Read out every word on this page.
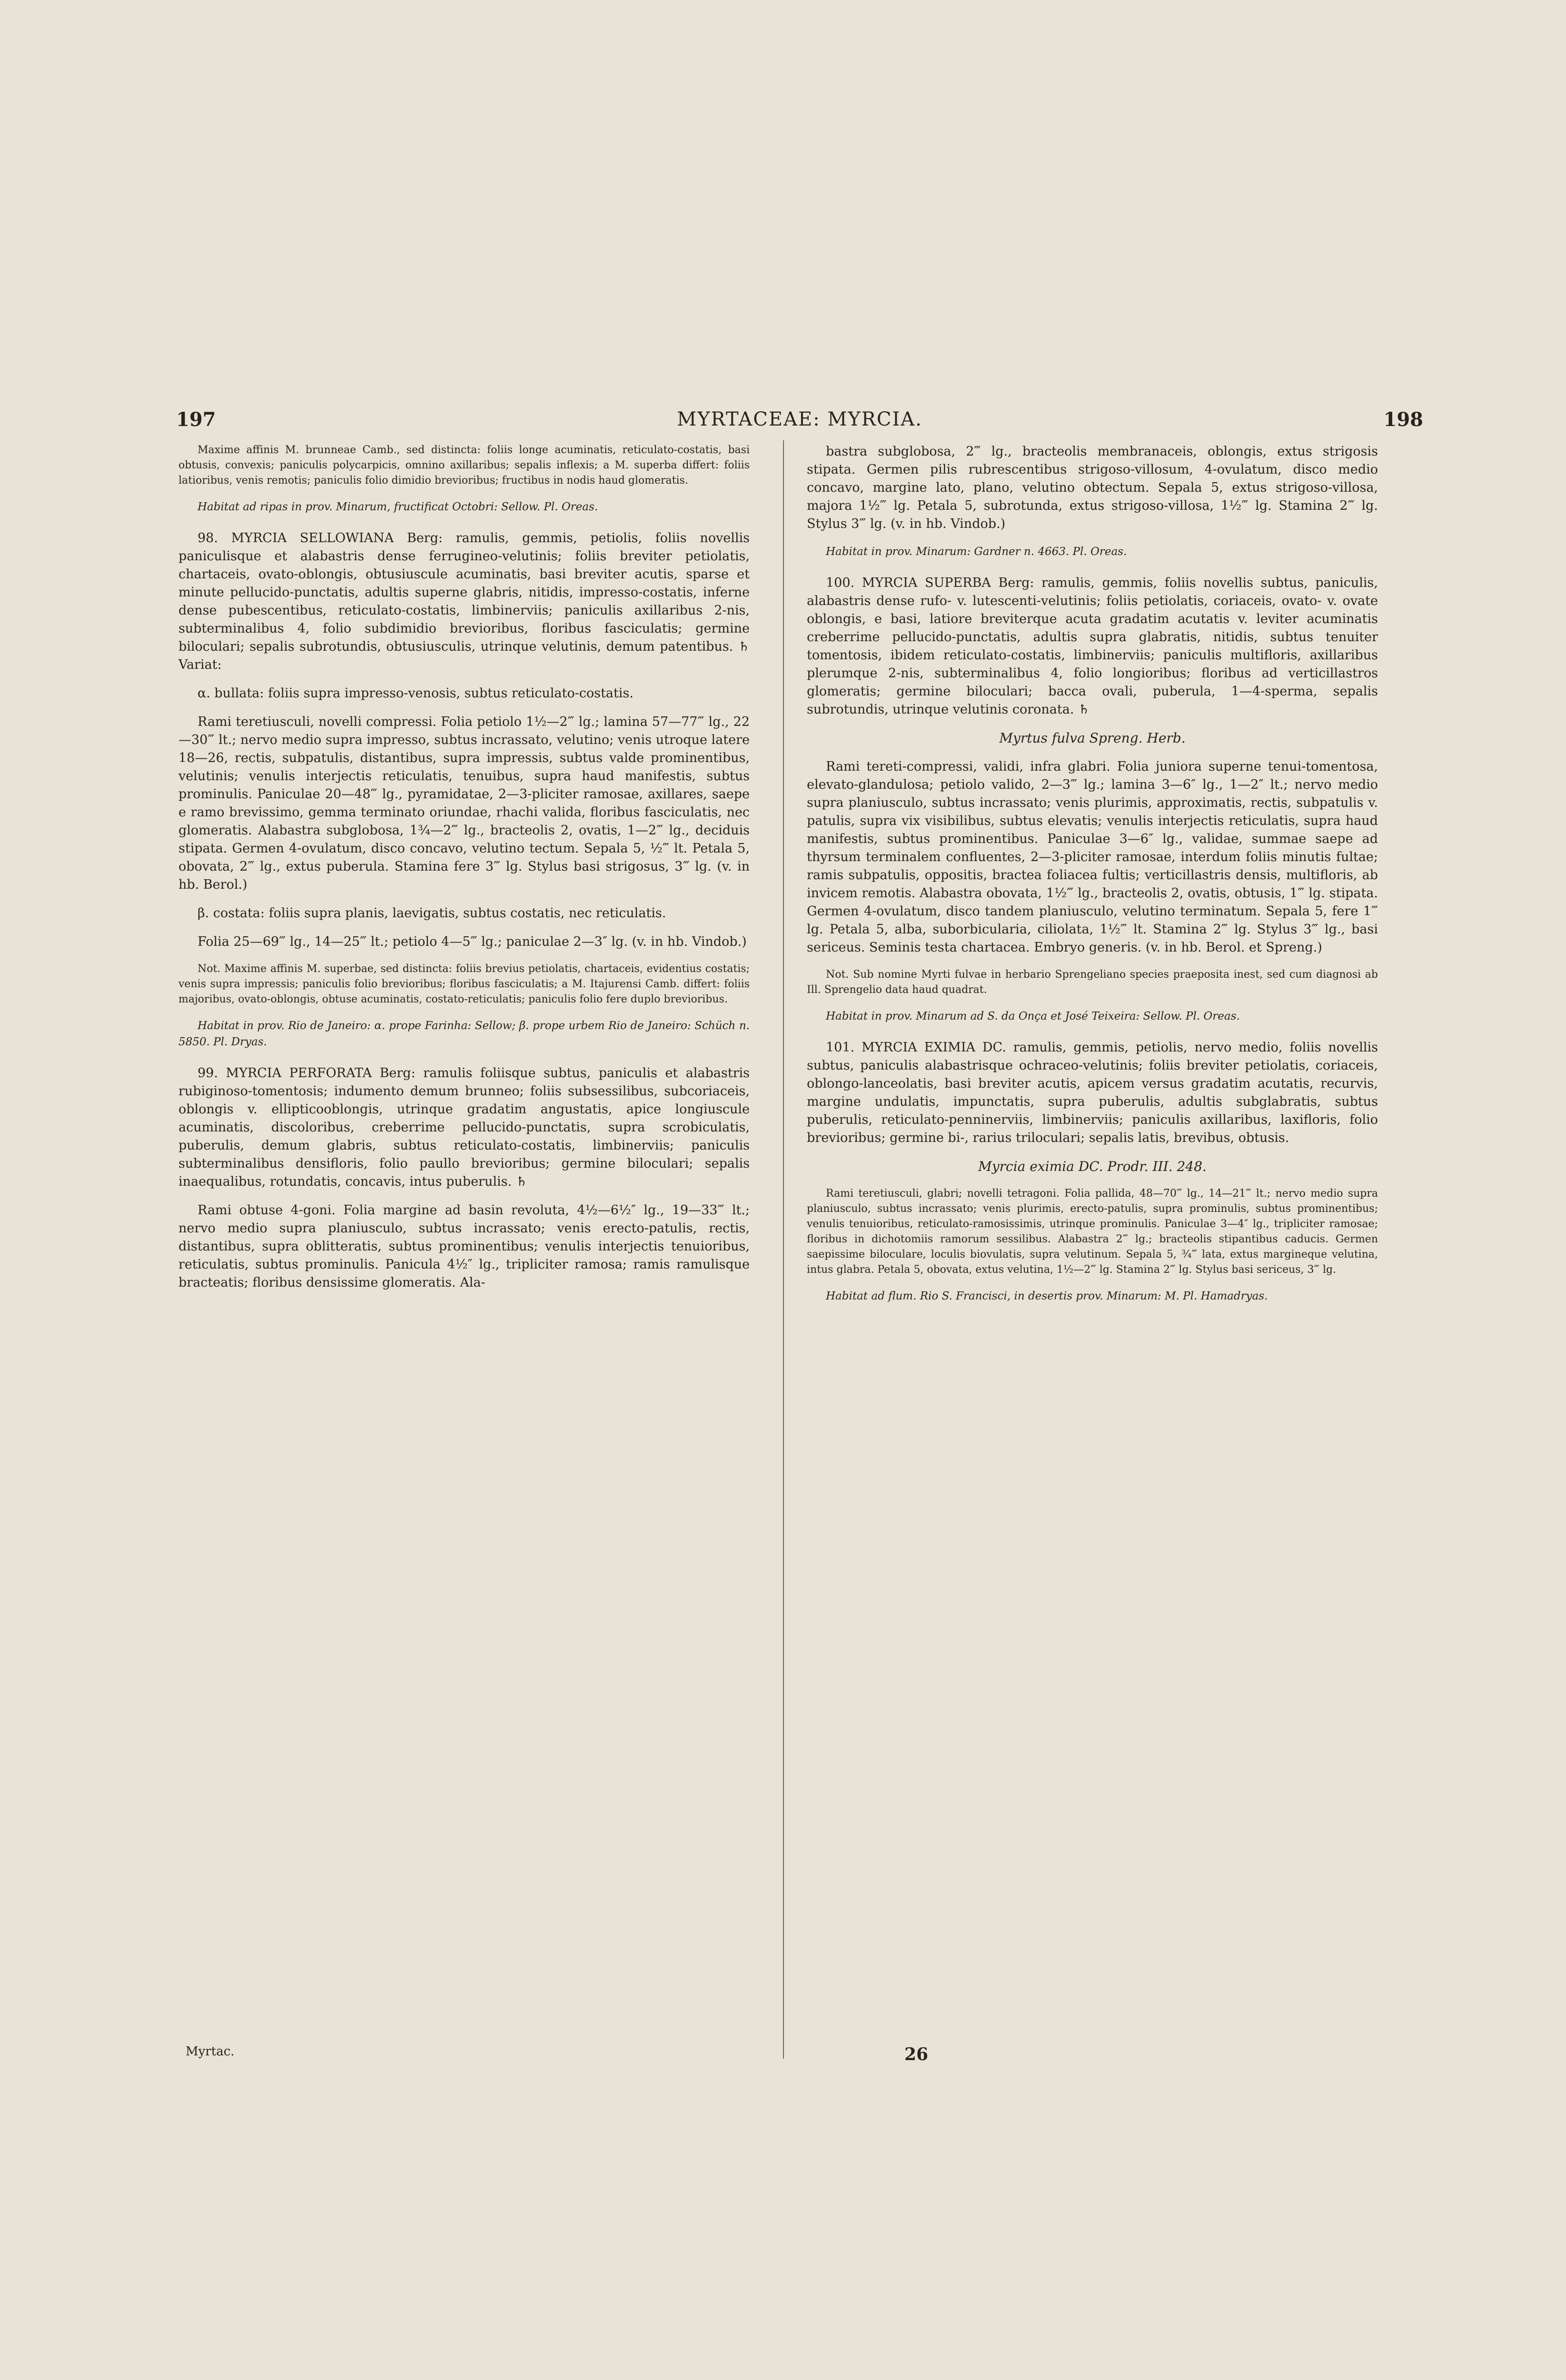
197	MYRTACEAE: MYRCIA.	198

Maxime affinis M. brunneae Camb., sed distincta: foliis longe acuminatis, reticulato-costatis, basi obtusis, convexis; paniculis polycarpicis, omnino axillaribus; sepalis inflexis; a M. superba differt: foliis latioribus, venis remotis; paniculis folio dimidio brevioribus; fructibus in nodis haud glomeratis.

Habitat ad ripas in prov. Minarum, fructificat Octobri: Sellow. Pl. Oreas.

98. MYRCIA SELLOWIANA Berg: ramulis, gemmis, petiolis, foliis novellis paniculisque et alabastris dense ferrugineo-velutinis; foliis breviter petiolatis, chartaceis, ovato-oblongis, obtusiuscule acuminatis, basi breviter acutis, sparse et minute pellucido-punctatis, adultis superne glabris, nitidis, impresso-costatis, inferne dense pubescentibus, reticulato-costatis, limbinerviis; paniculis axillaribus 2-nis, subterminalibus 4, folio subdimidio brevioribus, floribus fasciculatis; germine biloculari; sepalis subrotundis, obtusiusculis, utrinque velutinis, demum patentibus. ♄ Variat:

α. bullata: foliis supra impresso-venosis, subtus reticulato-costatis.

Rami teretiusculi, novelli compressi. Folia petiolo 1½—2‴ lg.; lamina 57—77‴ lg., 22—30‴ lt.; nervo medio supra impresso, subtus incrassato, velutino; venis utroque latere 18—26, rectis, subpatulis, distantibus, supra impressis, subtus valde prominentibus, velutinis; venulis interjectis reticulatis, tenuibus, supra haud manifestis, subtus prominulis. Paniculae 20—48‴ lg., pyramidatae, 2—3-pliciter ramosae, axillares, saepe e ramo brevissimo, gemma terminato oriundae, rhachi valida, floribus fasciculatis, nec glomeratis. Alabastra subglobosa, 1¾—2‴ lg., bracteolis 2, ovatis, 1—2‴ lg., deciduis stipata. Germen 4-ovulatum, disco concavo, velutino tectum. Sepala 5, ½‴ lt. Petala 5, obovata, 2‴ lg., extus puberula. Stamina fere 3‴ lg. Stylus basi strigosus, 3‴ lg. (v. in hb. Berol.)

β. costata: foliis supra planis, laevigatis, subtus costatis, nec reticulatis.

Folia 25—69‴ lg., 14—25‴ lt.; petiolo 4—5‴ lg.; paniculae 2—3″ lg. (v. in hb. Vindob.)

Not. Maxime affinis M. superbae, sed distincta: foliis brevius petiolatis, chartaceis, evidentius costatis; venis supra impressis; paniculis folio brevioribus; floribus fasciculatis; a M. Itajurensi Camb. differt: foliis majoribus, ovato-oblongis, obtuse acuminatis, costato-reticulatis; paniculis folio fere duplo brevioribus.

Habitat in prov. Rio de Janeiro: α. prope Farinha: Sellow; β. prope urbem Rio de Janeiro: Schüch n. 5850. Pl. Dryas.

99. MYRCIA PERFORATA Berg: ramulis foliisque subtus, paniculis et alabastris rubiginoso-tomentosis; indumento demum brunneo; foliis subsessilibus, subcoriaceis, oblongis v. ellipticooblongis, utrinque gradatim angustatis, apice longiuscule acuminatis, discoloribus, creberrime pellucido-punctatis, supra scrobiculatis, puberulis, demum glabris, subtus reticulato-costatis, limbinerviis; paniculis subterminalibus densifloris, folio paullo brevioribus; germine biloculari; sepalis inaequalibus, rotundatis, concavis, intus puberulis. ♄

Rami obtuse 4-goni. Folia margine ad basin revoluta, 4½—6½″ lg., 19—33‴ lt.; nervo medio supra planiusculo, subtus incrassato; venis erecto-patulis, rectis, distantibus, supra oblitteratis, subtus prominentibus; venulis interjectis tenuioribus, reticulatis, subtus prominulis. Panicula 4½″ lg., tripliciter ramosa; ramis ramulisque bracteatis; floribus densissime glomeratis. Ala-

bastra subglobosa, 2‴ lg., bracteolis membranaceis, oblongis, extus strigosis stipata. Germen pilis rubrescentibus strigoso-villosum, 4-ovulatum, disco medio concavo, margine lato, plano, velutino obtectum. Sepala 5, extus strigoso-villosa, majora 1½‴ lg. Petala 5, subrotunda, extus strigoso-villosa, 1½‴ lg. Stamina 2‴ lg. Stylus 3‴ lg. (v. in hb. Vindob.)

Habitat in prov. Minarum: Gardner n. 4663. Pl. Oreas.

100. MYRCIA SUPERBA Berg: ramulis, gemmis, foliis novellis subtus, paniculis, alabastris dense rufo- v. lutescenti-velutinis; foliis petiolatis, coriaceis, ovato- v. ovate oblongis, e basi, latiore breviterque acuta gradatim acutatis v. leviter acuminatis creberrime pellucido-punctatis, adultis supra glabratis, nitidis, subtus tenuiter tomentosis, ibidem reticulato-costatis, limbinerviis; paniculis multifloris, axillaribus plerumque 2-nis, subterminalibus 4, folio longioribus; floribus ad verticillastros glomeratis; germine biloculari; bacca ovali, puberula, 1—4-sperma, sepalis subrotundis, utrinque velutinis coronata. ♄

Myrtus fulva Spreng. Herb.

Rami tereti-compressi, validi, infra glabri. Folia juniora superne tenui-tomentosa, elevato-glandulosa; petiolo valido, 2—3‴ lg.; lamina 3—6″ lg., 1—2″ lt.; nervo medio supra planiusculo, subtus incrassato; venis plurimis, approximatis, rectis, subpatulis v. patulis, supra vix visibilibus, subtus elevatis; venulis interjectis reticulatis, supra haud manifestis, subtus prominentibus. Paniculae 3—6″ lg., validae, summae saepe ad thyrsum terminalem confluentes, 2—3-pliciter ramosae, interdum foliis minutis fultae; ramis subpatulis, oppositis, bractea foliacea fultis; verticillastris densis, multifloris, ab invicem remotis. Alabastra obovata, 1½‴ lg., bracteolis 2, ovatis, obtusis, 1‴ lg. stipata. Germen 4-ovulatum, disco tandem planiusculo, velutino terminatum. Sepala 5, fere 1‴ lg. Petala 5, alba, suborbicularia, ciliolata, 1½‴ lt. Stamina 2‴ lg. Stylus 3‴ lg., basi sericeus. Seminis testa chartacea. Embryo generis. (v. in hb. Berol. et Spreng.)

Not. Sub nomine Myrti fulvae in herbario Sprengeliano species praeposita inest, sed cum diagnosi ab Ill. Sprengelio data haud quadrat.

Habitat in prov. Minarum ad S. da Onça et José Teixeira: Sellow. Pl. Oreas.

101. MYRCIA EXIMIA DC. ramulis, gemmis, petiolis, nervo medio, foliis novellis subtus, paniculis alabastrisque ochraceo-velutinis; foliis breviter petiolatis, coriaceis, oblongo-lanceolatis, basi breviter acutis, apicem versus gradatim acutatis, recurvis, margine undulatis, impunctatis, supra puberulis, adultis subglabratis, subtus puberulis, reticulato-penninerviis, limbinerviis; paniculis axillaribus, laxifloris, folio brevioribus; germine bi-, rarius triloculari; sepalis latis, brevibus, obtusis.

Myrcia eximia DC. Prodr. III. 248.

Rami teretiusculi, glabri; novelli tetragoni. Folia pallida, 48—70‴ lg., 14—21‴ lt.; nervo medio supra planiusculo, subtus incrassato; venis plurimis, erecto-patulis, supra prominulis, subtus prominentibus; venulis tenuioribus, reticulato-ramosissimis, utrinque prominulis. Paniculae 3—4″ lg., tripliciter ramosae; floribus in dichotomiis ramorum sessilibus. Alabastra 2‴ lg.; bracteolis stipantibus caducis. Germen saepissime biloculare, loculis biovulatis, supra velutinum. Sepala 5, ¾‴ lata, extus margineque velutina, intus glabra. Petala 5, obovata, extus velutina, 1½—2‴ lg. Stamina 2‴ lg. Stylus basi sericeus, 3‴ lg.

Habitat ad flum. Rio S. Francisci, in desertis prov. Minarum: M. Pl. Hamadryas.

Myrtac.	26
